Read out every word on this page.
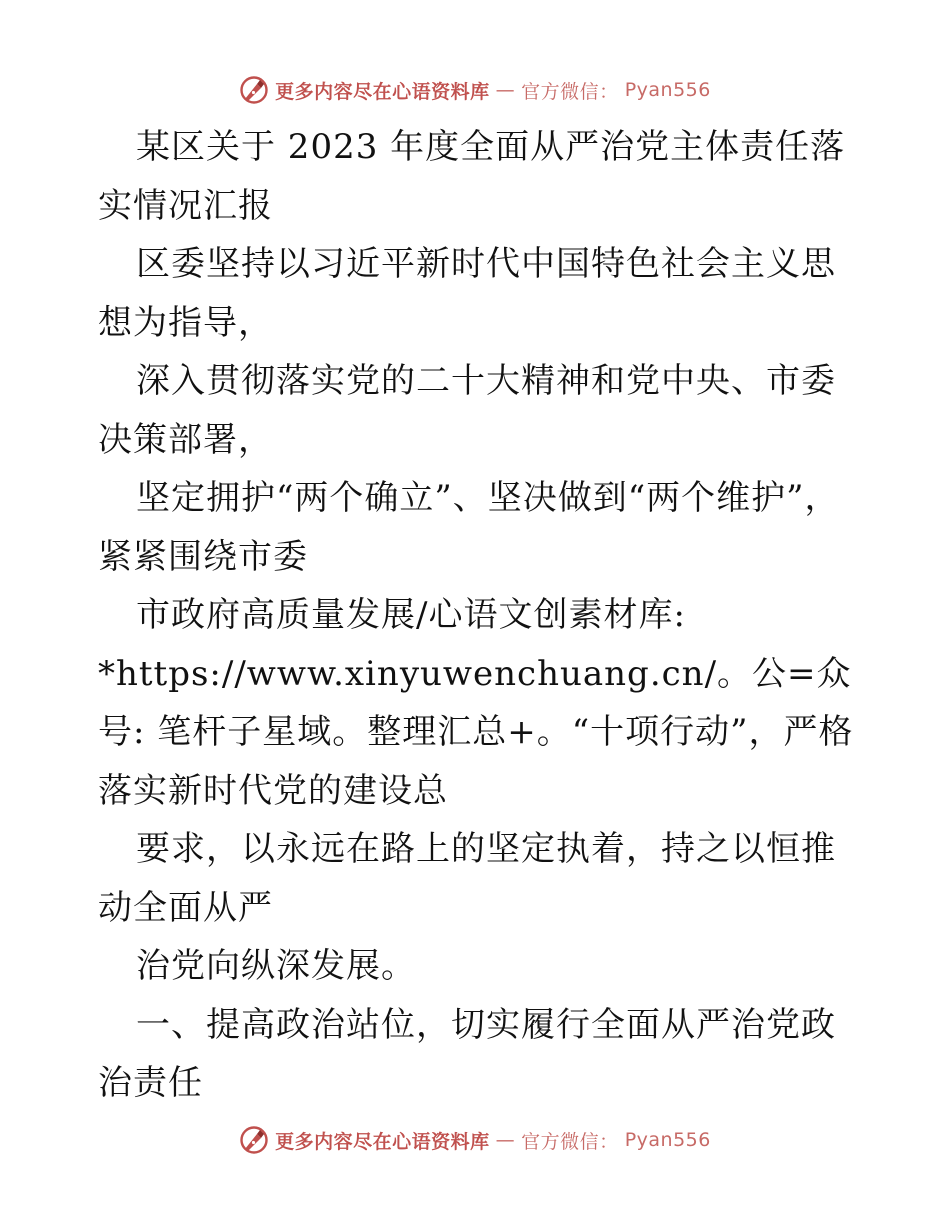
更多内容尽在心语资料库 — 官方微信： Pyan556

某区关于 2023 年度全面从严治党主体责任落实情况汇报

区委坚持以习近平新时代中国特色社会主义思想为指导，

深入贯彻落实党的二十大精神和党中央、市委决策部署，

坚定拥护“两个确立”、坚决做到“两个维护”，紧紧围绕市委

市政府高质量发展/心语文创素材库:

*https://www.xinyuwenchuang.cn/。公=众号: 笔杆子星域。整理汇总+。“十项行动”，严格落实新时代党的建设总

要求，以永远在路上的坚定执着，持之以恒推动全面从严

治党向纵深发展。

一、提高政治站位，切实履行全面从严治党政治责任

更多内容尽在心语资料库 — 官方微信： Pyan556
